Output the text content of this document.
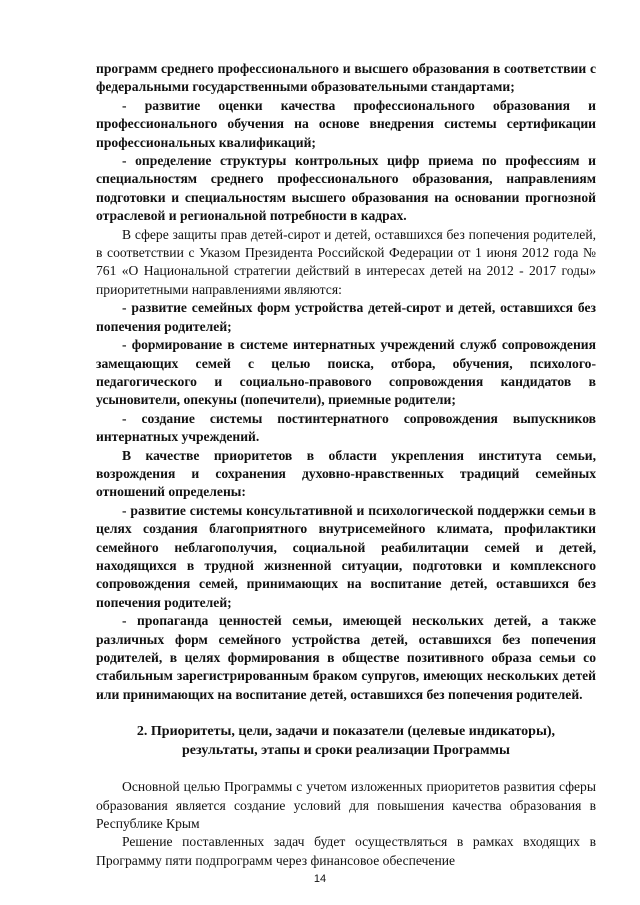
программ среднего профессионального и высшего образования в соответствии с федеральными государственными образовательными стандартами;

- развитие оценки качества профессионального образования и профессионального обучения на основе внедрения системы сертификации профессиональных квалификаций;

- определение структуры контрольных цифр приема по профессиям и специальностям среднего профессионального образования, направлениям подготовки и специальностям высшего образования на основании прогнозной отраслевой и региональной потребности в кадрах.

В сфере защиты прав детей-сирот и детей, оставшихся без попечения родителей, в соответствии с Указом Президента Российской Федерации от 1 июня 2012 года № 761 «О Национальной стратегии действий в интересах детей на 2012 - 2017 годы» приоритетными направлениями являются:

- развитие семейных форм устройства детей-сирот и детей, оставшихся без попечения родителей;

- формирование в системе интернатных учреждений служб сопровождения замещающих семей с целью поиска, отбора, обучения, психолого-педагогического и социально-правового сопровождения кандидатов в усыновители, опекуны (попечители), приемные родители;

- создание системы постинтернатного сопровождения выпускников интернатных учреждений.

В качестве приоритетов в области укрепления института семьи, возрождения и сохранения духовно-нравственных традиций семейных отношений определены:

- развитие системы консультативной и психологической поддержки семьи в целях создания благоприятного внутрисемейного климата, профилактики семейного неблагополучия, социальной реабилитации семей и детей, находящихся в трудной жизненной ситуации, подготовки и комплексного сопровождения семей, принимающих на воспитание детей, оставшихся без попечения родителей;

- пропаганда ценностей семьи, имеющей нескольких детей, а также различных форм семейного устройства детей, оставшихся без попечения родителей, в целях формирования в обществе позитивного образа семьи со стабильным зарегистрированным браком супругов, имеющих нескольких детей или принимающих на воспитание детей, оставшихся без попечения родителей.

2. Приоритеты, цели, задачи и показатели (целевые индикаторы),

результаты, этапы и сроки реализации Программы

Основной целью Программы с учетом изложенных приоритетов развития сферы образования является создание условий для повышения качества образования в Республике Крым

Решение поставленных задач будет осуществляться в рамках входящих в Программу пяти подпрограмм через финансовое обеспечение

14
